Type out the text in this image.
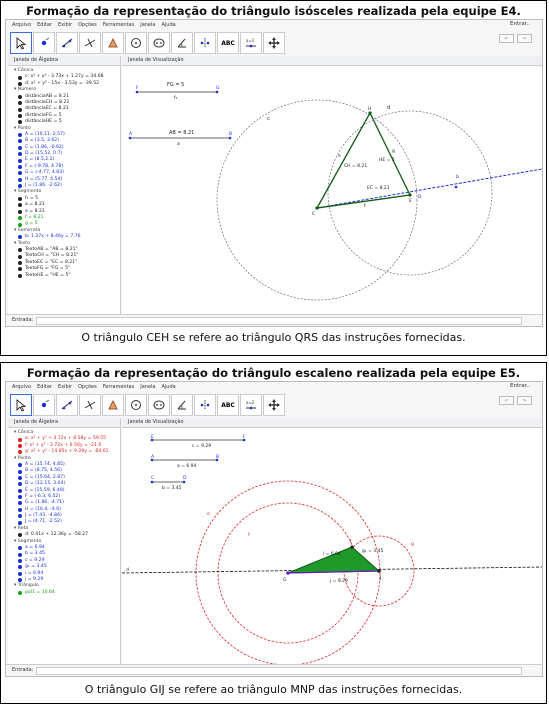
Formação da representação do triângulo isósceles realizada pela equipe E4.
Arquivo Editar Exibir Opções Ferramentas Janela Ajuda	Entrar..
ABC	a=2	↶	↷
Janela de Álgebra
▾ Cônica
c: x² + y² - 3.73x + 1.27y = 34.68
d: x² + y² - 15x - 3.53y = -39.52
▾ Número
distânciaAB = 8.21
distânciaCH = 8.21
distânciaEC = 8.21
distânciaFG = 5
distânciaHE = 5
▾ Ponto
A = (10.11, 2.57)
B = (3.5, 3.62)
C = (1.86, -0.62)
D = (15.52, 0.7)
E = (8.5,2.2)
F = (-9.78, 4.78)
G = (-4.77, 4.83)
H = (5.77, 4.54)
J = (1.86, -2.62)
▾ Segmento
f₁ = 5
a = 8.21
e = 8.21
f = 8.21
g = 5
▾ Semirreta
b: 1.37x + 8.46y = 7.76
▾ Texto
TextoAB = "AB = 8.21"
TextoCH = "CH = 8.21"
TextoEC = "EC = 8.21"
TextoFG = "FG = 5"
TextoHE = "HE = 5"
Janela de Visualização
F	G
FG = 5
f₁
A	B
AB = 8.21
a
c
d
b
C
H
E
D
HE = 5
g
CH = 8.21
e
EC = 8.21
f
Entrada:
O triângulo CEH se refere ao triângulo QRS das instruções fornecidas.
Formação da representação do triângulo escaleno realizada pela equipe E5.
Arquivo Editar Exibir Opções Ferramentas Janela Ajuda	Entrar..
ABC	a=2	↶	↷
Janela de Álgebra
▾ Cônica
e: x² + y² + 3.72x + 8.58y = 59.55
f: x² + y² - 3.72x + 6.56y = -21.6
g: x² + y² - 14.85x + 9.29y = -84.61
▾ Ponto
A = (15.74, 4.85)
B = (8.75, 4.56)
C = (15.64, 2.87)
D = (12.15, 3.04)
E = (15.59, 6.48)
F = (-6.3, 6.52)
G = (1.86, -4.71)
H = (16.4, -4.6)
J = (7.43, -4.84)
J = (4.71, -2.52)
▾ Reta
d: 0.41x + 12.36y = -58.27
▾ Segmento
a = 6.94
b = 3.45
c = 9.29
g₁ = 3.45
i = 6.94
j = 9.29
▾ Triângulo
pol1 = 10.64
Janela de Visualização
E	F
c = 9.29
A	B
a = 6.94
C	D
b = 3.45
e
f
g
d
G
I
J
i = 6.94
g₁ = 3.45
j = 9.29
Entrada:
O triângulo GIJ se refere ao triângulo MNP das instruções fornecidas.
